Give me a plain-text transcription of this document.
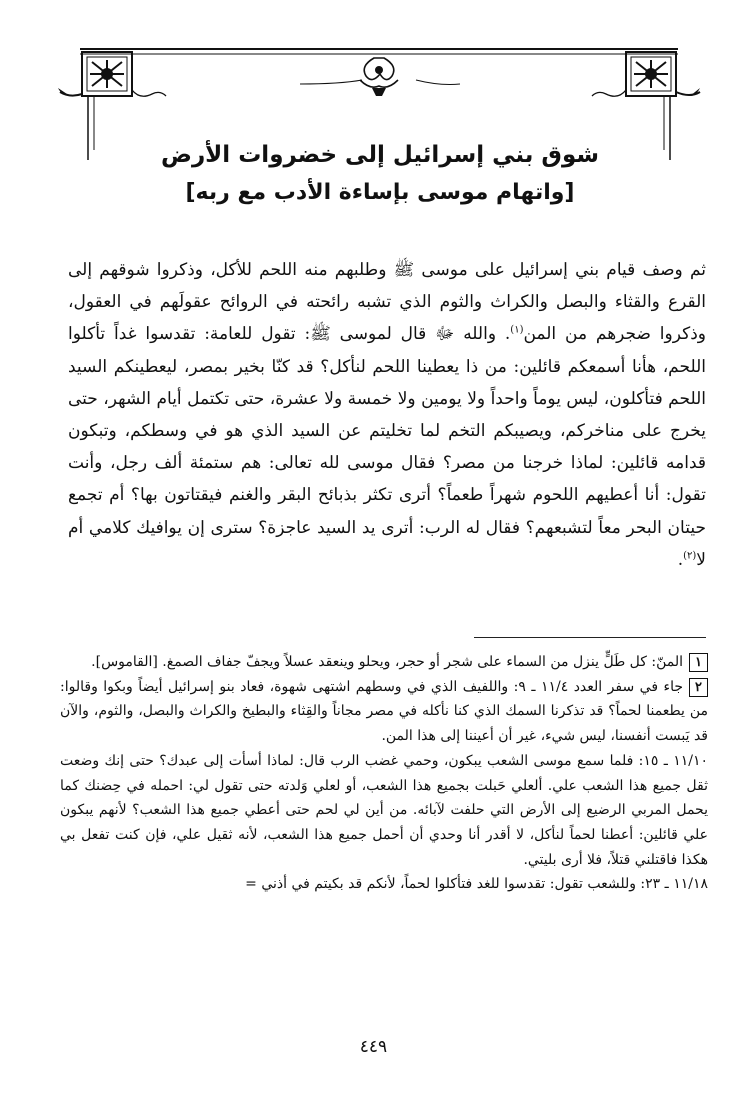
شوق بني إسرائيل إلى خضروات الأرض
[واتهام موسى بإساءة الأدب مع ربه]

ثم وصف قيام بني إسرائيل على موسى ﷺ وطلبهم منه اللحم للأكل، وذكروا شوقهم إلى القرع والقثاء والبصل والكراث والثوم الذي تشبه رائحته في الروائح عقولَهم في العقول، وذكروا ضجرهم من المن$^{(١)}$. والله ﷻ قال لموسى ﷺ: تقول للعامة: تقدسوا غداً تأكلوا اللحم، هأنا أسمعكم قائلين: من ذا يعطينا اللحم لنأكل؟ قد كنّا بخير بمصر، ليعطينكم السيد اللحم فتأكلون، ليس يوماً واحداً ولا يومين ولا خمسة ولا عشرة، حتى تكتمل أيام الشهر، حتى يخرج على مناخركم، ويصيبكم التخم لما تخليتم عن السيد الذي هو في وسطكم، وتبكون قدامه قائلين: لماذا خرجنا من مصر؟ فقال موسى لله تعالى: هم ستمئة ألف رجل، وأنت تقول: أنا أعطيهم اللحوم شهراً طعماً؟ أترى تكثر بذبائح البقر والغنم فيقتاتون بها؟ أم تجمع حيتان البحر معاً لتشبعهم؟ فقال له الرب: أترى يد السيد عاجزة؟ سترى إن يوافيك كلامي أم لا$^{(٢)}$.

١المنّ: كل طَلٍّ ينزل من السماء على شجر أو حجر، ويحلو وينعقد عسلاً ويجفّ جفاف الصمغ. [القاموس].

٢جاء في سفر العدد ١١/٤ ـ ٩: واللفيف الذي في وسطهم اشتهى شهوة، فعاد بنو إسرائيل أيضاً وبكوا وقالوا: من يطعمنا لحماً؟ قد تذكرنا السمك الذي كنا نأكله في مصر مجاناً والقِثاء والبطيخ والكراث والبصل، والثوم، والآن قد يَبست أنفسنا، ليس شيء، غير أن أعيننا إلى هذا المن.

١١/١٠ ـ ١٥: فلما سمع موسى الشعب يبكون، وحمي غضب الرب قال: لماذا أسأت إلى عبدك؟ حتى إنك وضعت ثقل جميع هذا الشعب علي. ألعلي حَبلت بجميع هذا الشعب، أو لعلي وَلدته حتى تقول لي: احمله في حِضنك كما يحمل المربي الرضيع إلى الأرض التي حلفت لآبائه. من أين لي لحم حتى أعطي جميع هذا الشعب؟ لأنهم يبكون علي قائلين: أعطنا لحماً لنأكل، لا أقدر أنا وحدي أن أحمل جميع هذا الشعب، لأنه ثقيل علي، فإن كنت تفعل بي هكذا فاقتلني قتلاً، فلا أرى بليتي.

١١/١٨ ـ ٢٣: وللشعب تقول: تقدسوا للغد فتأكلوا لحماً، لأنكم قد بكيتم في أذني =

٤٤٩
